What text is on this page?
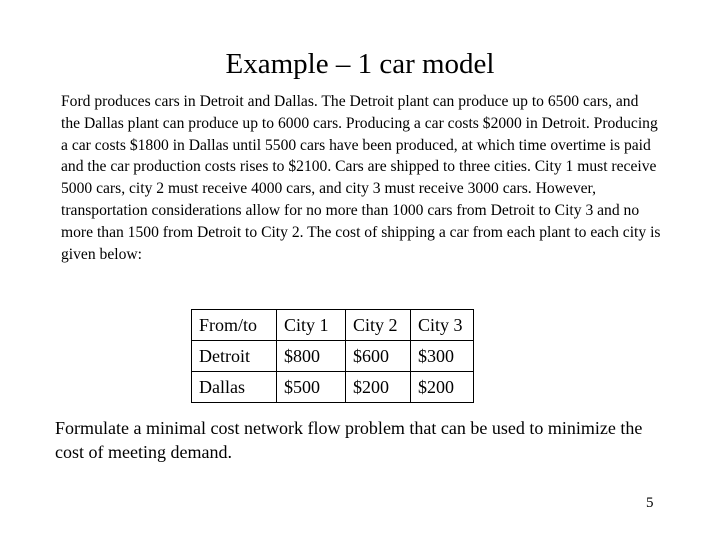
Example – 1 car model

Ford produces cars in Detroit and Dallas. The Detroit plant can produce up to 6500 cars, and the Dallas plant can produce up to 6000 cars. Producing a car costs $2000 in Detroit. Producing a car costs $1800 in Dallas until 5500 cars have been produced, at which time overtime is paid and the car production costs rises to $2100. Cars are shipped to three cities. City 1 must receive 5000 cars, city 2 must receive 4000 cars, and city 3 must receive 3000 cars. However, transportation considerations allow for no more than 1000 cars from Detroit to City 3 and no more than 1500 from Detroit to City 2. The cost of shipping a car from each plant to each city is given below:

From/to	City 1	City 2	City 3
Detroit	$800	$600	$300
Dallas	$500	$200	$200

Formulate a minimal cost network flow problem that can be used to minimize the cost of meeting demand.

5
